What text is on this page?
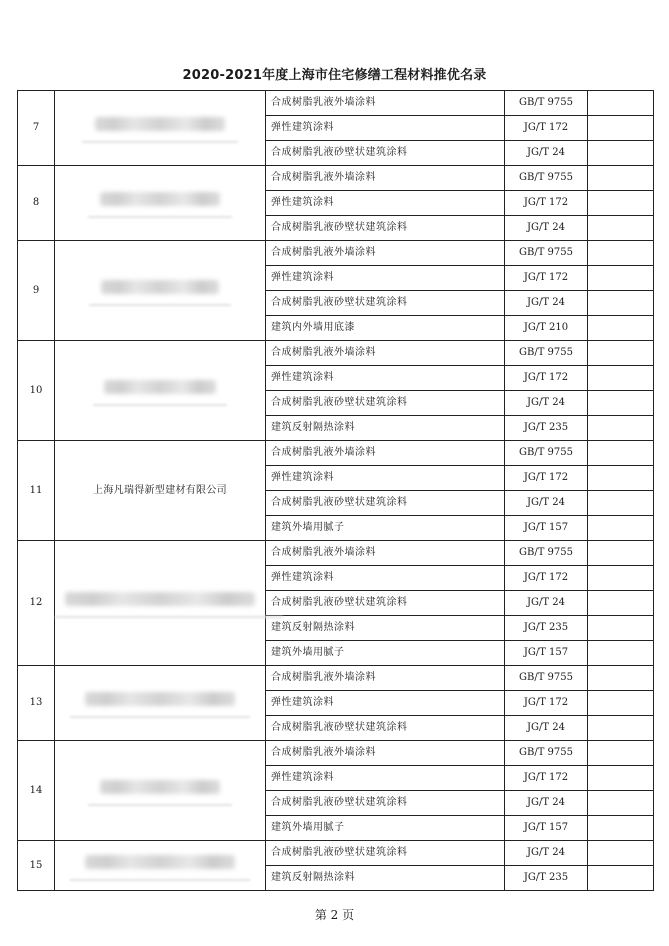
2020-2021年度上海市住宅修缮工程材料推优名录
7		合成树脂乳液外墙涂料	GB/T 9755	
		弹性建筑涂料	JG/T 172	
		合成树脂乳液砂壁状建筑涂料	JG/T 24	
8		合成树脂乳液外墙涂料	GB/T 9755	
		弹性建筑涂料	JG/T 172	
		合成树脂乳液砂壁状建筑涂料	JG/T 24	
9		合成树脂乳液外墙涂料	GB/T 9755	
		弹性建筑涂料	JG/T 172	
		合成树脂乳液砂壁状建筑涂料	JG/T 24	
		建筑内外墙用底漆	JG/T 210	
10		合成树脂乳液外墙涂料	GB/T 9755	
		弹性建筑涂料	JG/T 172	
		合成树脂乳液砂壁状建筑涂料	JG/T 24	
		建筑反射隔热涂料	JG/T 235	
11	上海凡瑞得新型建材有限公司	合成树脂乳液外墙涂料	GB/T 9755	
		弹性建筑涂料	JG/T 172	
		合成树脂乳液砂壁状建筑涂料	JG/T 24	
		建筑外墙用腻子	JG/T 157	
12		合成树脂乳液外墙涂料	GB/T 9755	
		弹性建筑涂料	JG/T 172	
		合成树脂乳液砂壁状建筑涂料	JG/T 24	
		建筑反射隔热涂料	JG/T 235	
		建筑外墙用腻子	JG/T 157	
13		合成树脂乳液外墙涂料	GB/T 9755	
		弹性建筑涂料	JG/T 172	
		合成树脂乳液砂壁状建筑涂料	JG/T 24	
14		合成树脂乳液外墙涂料	GB/T 9755	
		弹性建筑涂料	JG/T 172	
		合成树脂乳液砂壁状建筑涂料	JG/T 24	
		建筑外墙用腻子	JG/T 157	
15		合成树脂乳液砂壁状建筑涂料	JG/T 24	
		建筑反射隔热涂料	JG/T 235	
第 2 页
